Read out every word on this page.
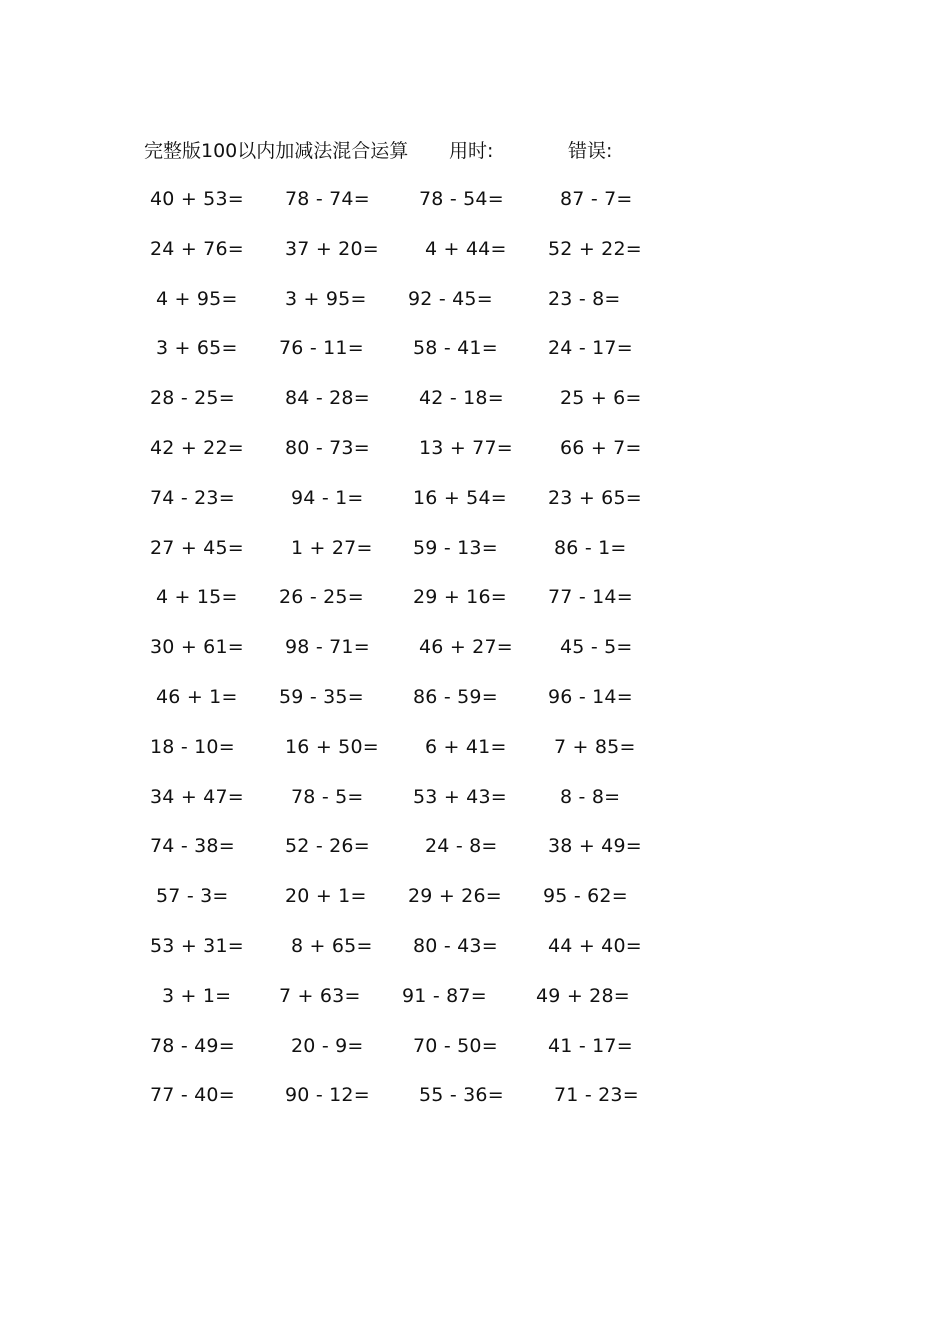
完整版100以内加减法混合运算 用时:	错误:
40 + 53= 78 - 74=	78 - 54=	87 - 7=
24 + 76= 37 + 20= 4 + 44= 52 + 22=
4 + 95= 3 + 95= 92 - 45=	23 - 8=
3 + 65= 76 - 11=	58 - 41=	24 - 17=
28 - 25=	84 - 28=	42 - 18=	25 + 6=
42 + 22= 80 - 73=	13 + 77= 66 + 7=
74 - 23=	94 - 1=	16 + 54= 23 + 65=
27 + 45= 1 + 27= 59 - 13=	86 - 1=
4 + 15= 26 - 25=	29 + 16= 77 - 14=
30 + 61= 98 - 71=	46 + 27= 45 - 5=
46 + 1= 59 - 35=	86 - 59=	96 - 14=
18 - 10=	16 + 50= 6 + 41= 7 + 85=
34 + 47= 78 - 5=	53 + 43=	8 - 8=
74 - 38=	52 - 26=	24 - 8=	38 + 49=
57 - 3=	20 + 1= 29 + 26= 95 - 62=
53 + 31= 8 + 65= 80 - 43=	44 + 40=
3 + 1=	7 + 63= 91 - 87=	49 + 28=
78 - 49=	20 - 9=	70 - 50=	41 - 17=
77 - 40=	90 - 12=	55 - 36=	71 - 23=
